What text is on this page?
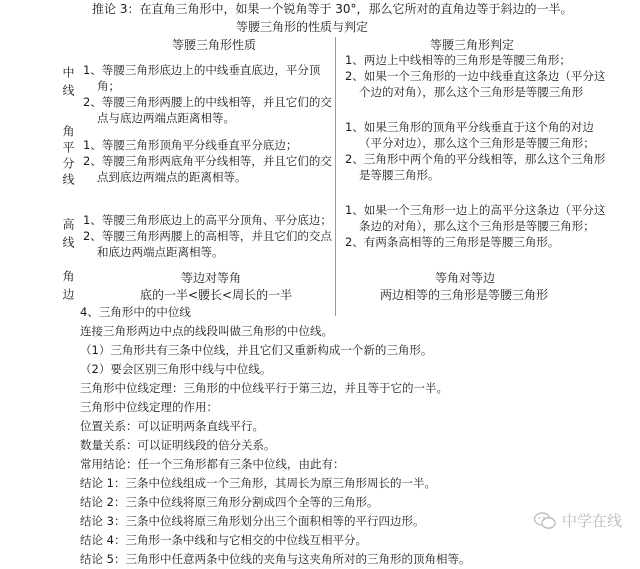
推论 3：在直角三角形中，如果一个锐角等于 30°，那么它所对的直角边等于斜边的一半。
等腰三角形的性质与判定
等腰三角形性质	等腰三角形判定
中线
角平分线
高线
角边
1、等腰三角形底边上的中线垂直底边，平分顶角；
2、等腰三角形两腰上的中线相等，并且它们的交点与底边两端点距离相等。
1、两边上中线相等的三角形是等腰三角形；
2、如果一个三角形的一边中线垂直这条边（平分这个边的对角），那么这个三角形是等腰三角形
1、等腰三角形顶角平分线垂直平分底边；
2、等腰三角形两底角平分线相等，并且它们的交点到底边两端点的距离相等。
1、如果三角形的顶角平分线垂直于这个角的对边（平分对边），那么这个三角形是等腰三角形；
2、三角形中两个角的平分线相等，那么这个三角形是等腰三角形。
1、等腰三角形底边上的高平分顶角、平分底边；
2、等腰三角形两腰上的高相等，并且它们的交点和底边两端点距离相等。
1、如果一个三角形一边上的高平分这条边（平分这条边的对角），那么这个三角形是等腰三角形；
2、有两条高相等的三角形是等腰三角形。
等边对等角
底的一半<腰长<周长的一半
等角对等边
两边相等的三角形是等腰三角形
4、三角形中的中位线
连接三角形两边中点的线段叫做三角形的中位线。
（1）三角形共有三条中位线，并且它们又重新构成一个新的三角形。
（2）要会区别三角形中线与中位线。
三角形中位线定理：三角形的中位线平行于第三边，并且等于它的一半。
三角形中位线定理的作用：
位置关系：可以证明两条直线平行。
数量关系：可以证明线段的倍分关系。
常用结论：任一个三角形都有三条中位线，由此有：
结论 1：三条中位线组成一个三角形，其周长为原三角形周长的一半。
结论 2：三条中位线将原三角形分割成四个全等的三角形。
结论 3：三条中位线将原三角形划分出三个面积相等的平行四边形。
结论 4：三角形一条中线和与它相交的中位线互相平分。
结论 5：三角形中任意两条中位线的夹角与这夹角所对的三角形的顶角相等。
中学在线
